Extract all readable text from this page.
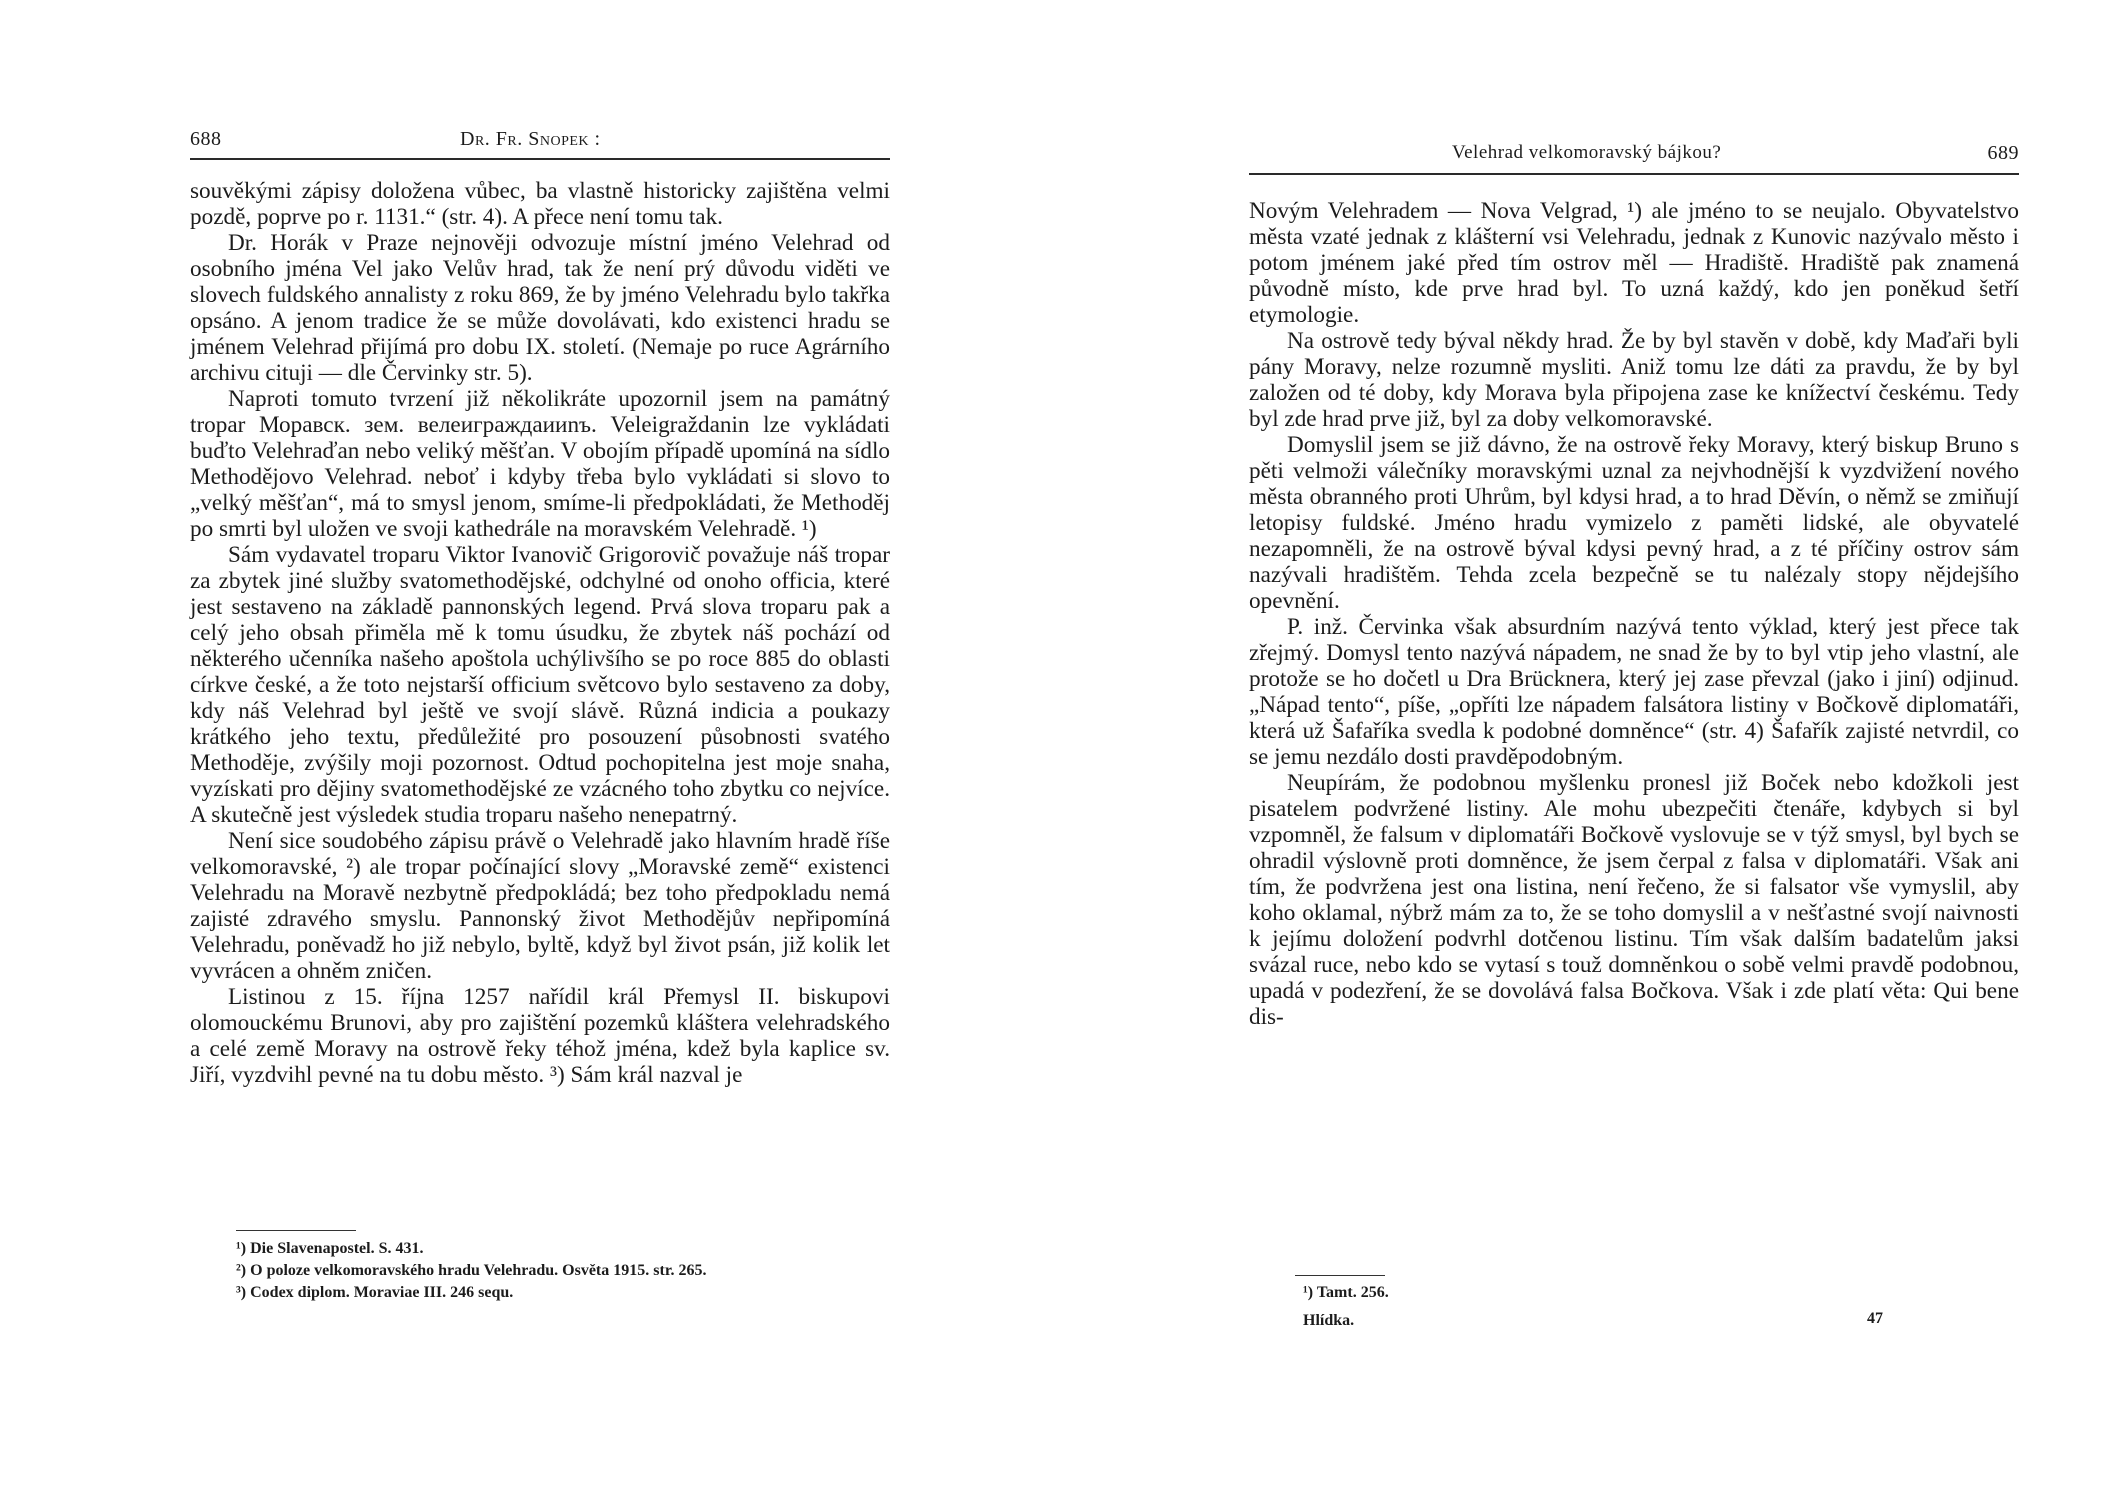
688	Dr. Fr. Snopek :

souvěkými zápisy doložena vůbec, ba vlastně historicky zajištěna velmi pozdě, poprve po r. 1131.“ (str. 4). A přece není tomu tak.

Dr. Horák v Praze nejnověji odvozuje místní jméno Velehrad od osobního jména Vel jako Velův hrad, tak že není prý důvodu viděti ve slovech fuldského annalisty z roku 869, že by jméno Velehradu bylo takřka opsáno. A jenom tradice že se může dovolávati, kdo existenci hradu se jménem Velehrad přijímá pro dobu IX. století. (Nemaje po ruce Agrárního archivu cituji — dle Červinky str. 5).

Naproti tomuto tvrzení již několikráte upozornil jsem na památný tropar Моравск. зем. велеиграждаииnъ. Veleigraždanin lze vykládati buďto Velehraďan nebo veliký měšťan. V obojím případě upomíná na sídlo Methodějovo Velehrad. neboť i kdyby třeba bylo vykládati si slovo to „velký měšťan“, má to smysl jenom, smíme-li předpokládati, že Methoděj po smrti byl uložen ve svoji kathedrále na moravském Velehradě. ¹)

Sám vydavatel troparu Viktor Ivanovič Grigorovič považuje náš tropar za zbytek jiné služby svatomethodějské, odchylné od onoho officia, které jest sestaveno na základě pannonských legend. Prvá slova troparu pak a celý jeho obsah přiměla mě k tomu úsudku, že zbytek náš pochází od některého učenníka našeho apoštola uchýlivšího se po roce 885 do oblasti církve české, a že toto nejstarší officium světcovo bylo sestaveno za doby, kdy náš Velehrad byl ještě ve svojí slávě. Různá indicia a poukazy krátkého jeho textu, předůležité pro posouzení působnosti svatého Methoděje, zvýšily moji pozornost. Odtud pochopitelna jest moje snaha, vyzískati pro dějiny svatomethodějské ze vzácného toho zbytku co nejvíce. A skutečně jest výsledek studia troparu našeho nenepatrný.

Není sice soudobého zápisu právě o Velehradě jako hlavním hradě říše velkomoravské, ²) ale tropar počínající slovy „Moravské země“ existenci Velehradu na Moravě nezbytně předpokládá; bez toho předpokladu nemá zajisté zdravého smyslu. Pannonský život Methodějův nepřipomíná Velehradu, poněvadž ho již nebylo, byltě, když byl život psán, již kolik let vyvrácen a ohněm zničen.

Listinou z 15. října 1257 nařídil král Přemysl II. biskupovi olomouckému Brunovi, aby pro zajištění pozemků kláštera velehradského a celé země Moravy na ostrově řeky téhož jména, kdež byla kaplice sv. Jiří, vyzdvihl pevné na tu dobu město. ³) Sám král nazval je

¹) Die Slavenapostel. S. 431.
²) O poloze velkomoravského hradu Velehradu. Osvěta 1915. str. 265.
³) Codex diplom. Moraviae III. 246 sequ.
Velehrad velkomoravský bájkou?	689

Novým Velehradem — Nova Velgrad, ¹) ale jméno to se neujalo. Obyvatelstvo města vzaté jednak z klášterní vsi Velehradu, jednak z Kunovic nazývalo město i potom jménem jaké před tím ostrov měl — Hradiště. Hradiště pak znamená původně místo, kde prve hrad byl. To uzná každý, kdo jen poněkud šetří etymologie.

Na ostrově tedy býval někdy hrad. Že by byl stavěn v době, kdy Maďaři byli pány Moravy, nelze rozumně mysliti. Aniž tomu lze dáti za pravdu, že by byl založen od té doby, kdy Morava byla připojena zase ke knížectví českému. Tedy byl zde hrad prve již, byl za doby velkomoravské.

Domyslil jsem se již dávno, že na ostrově řeky Moravy, který biskup Bruno s pěti velmoži válečníky moravskými uznal za nejvhodnější k vyzdvižení nového města obranného proti Uhrům, byl kdysi hrad, a to hrad Děvín, o němž se zmiňují letopisy fuldské. Jméno hradu vymizelo z paměti lidské, ale obyvatelé nezapomněli, že na ostrově býval kdysi pevný hrad, a z té příčiny ostrov sám nazývali hradištěm. Tehda zcela bezpečně se tu nalézaly stopy nějdejšího opevnění.

P. inž. Červinka však absurdním nazývá tento výklad, který jest přece tak zřejmý. Domysl tento nazývá nápadem, ne snad že by to byl vtip jeho vlastní, ale protože se ho dočetl u Dra Brücknera, který jej zase převzal (jako i jiní) odjinud. „Nápad tento“, píše, „opříti lze nápadem falsátora listiny v Bočkově diplomatáři, která už Šafaříka svedla k podobné domněnce“ (str. 4) Šafařík zajisté netvrdil, co se jemu nezdálo dosti pravděpodobným.

Neupírám, že podobnou myšlenku pronesl již Boček nebo kdožkoli jest pisatelem podvržené listiny. Ale mohu ubezpečiti čtenáře, kdybych si byl vzpomněl, že falsum v diplomatáři Bočkově vyslovuje se v týž smysl, byl bych se ohradil výslovně proti domněnce, že jsem čerpal z falsa v diplomatáři. Však ani tím, že podvržena jest ona listina, není řečeno, že si falsator vše vymyslil, aby koho oklamal, nýbrž mám za to, že se toho domyslil a v nešťastné svojí naivnosti k jejímu doložení podvrhl dotčenou listinu. Tím však dalším badatelům jaksi svázal ruce, nebo kdo se vytasí s touž domněnkou o sobě velmi pravdě podobnou, upadá v podezření, že se dovolává falsa Bočkova. Však i zde platí věta: Qui bene dis-

¹) Tamt. 256.
Hlídka.	47
